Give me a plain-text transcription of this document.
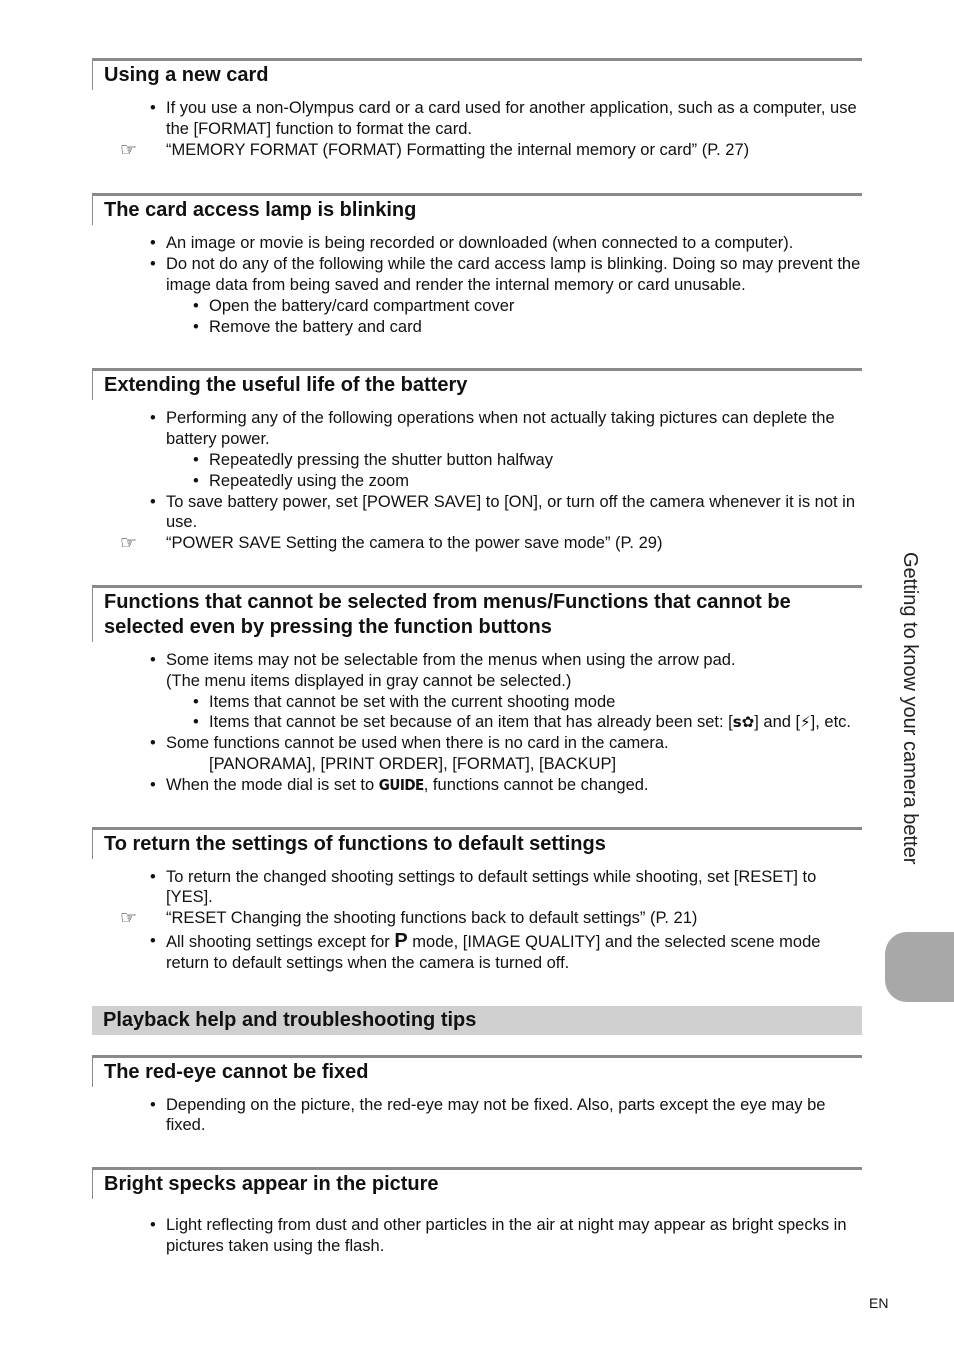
Using a new card
• If you use a non-Olympus card or a card used for another application, such as a computer, use the [FORMAT] function to format the card.
☞ “MEMORY FORMAT (FORMAT) Formatting the internal memory or card” (P. 27)
The card access lamp is blinking
• An image or movie is being recorded or downloaded (when connected to a computer).
• Do not do any of the following while the card access lamp is blinking. Doing so may prevent the image data from being saved and render the internal memory or card unusable.
• Open the battery/card compartment cover
• Remove the battery and card
Extending the useful life of the battery
• Performing any of the following operations when not actually taking pictures can deplete the battery power.
• Repeatedly pressing the shutter button halfway
• Repeatedly using the zoom
• To save battery power, set [POWER SAVE] to [ON], or turn off the camera whenever it is not in use.
☞ “POWER SAVE Setting the camera to the power save mode” (P. 29)
Functions that cannot be selected from menus/Functions that cannot be selected even by pressing the function buttons
• Some items may not be selectable from the menus when using the arrow pad.
(The menu items displayed in gray cannot be selected.)
• Items that cannot be set with the current shooting mode
• Items that cannot be set because of an item that has already been set: [s✿] and [⚡], etc.
• Some functions cannot be used when there is no card in the camera.
[PANORAMA], [PRINT ORDER], [FORMAT], [BACKUP]
• When the mode dial is set to GUIDE, functions cannot be changed.
To return the settings of functions to default settings
• To return the changed shooting settings to default settings while shooting, set [RESET] to [YES].
☞ “RESET Changing the shooting functions back to default settings” (P. 21)
• All shooting settings except for P mode, [IMAGE QUALITY] and the selected scene mode return to default settings when the camera is turned off.
Playback help and troubleshooting tips
The red-eye cannot be fixed
• Depending on the picture, the red-eye may not be fixed. Also, parts except the eye may be fixed.
Bright specks appear in the picture
• Light reflecting from dust and other particles in the air at night may appear as bright specks in pictures taken using the flash.
Getting to know your camera better
EN
